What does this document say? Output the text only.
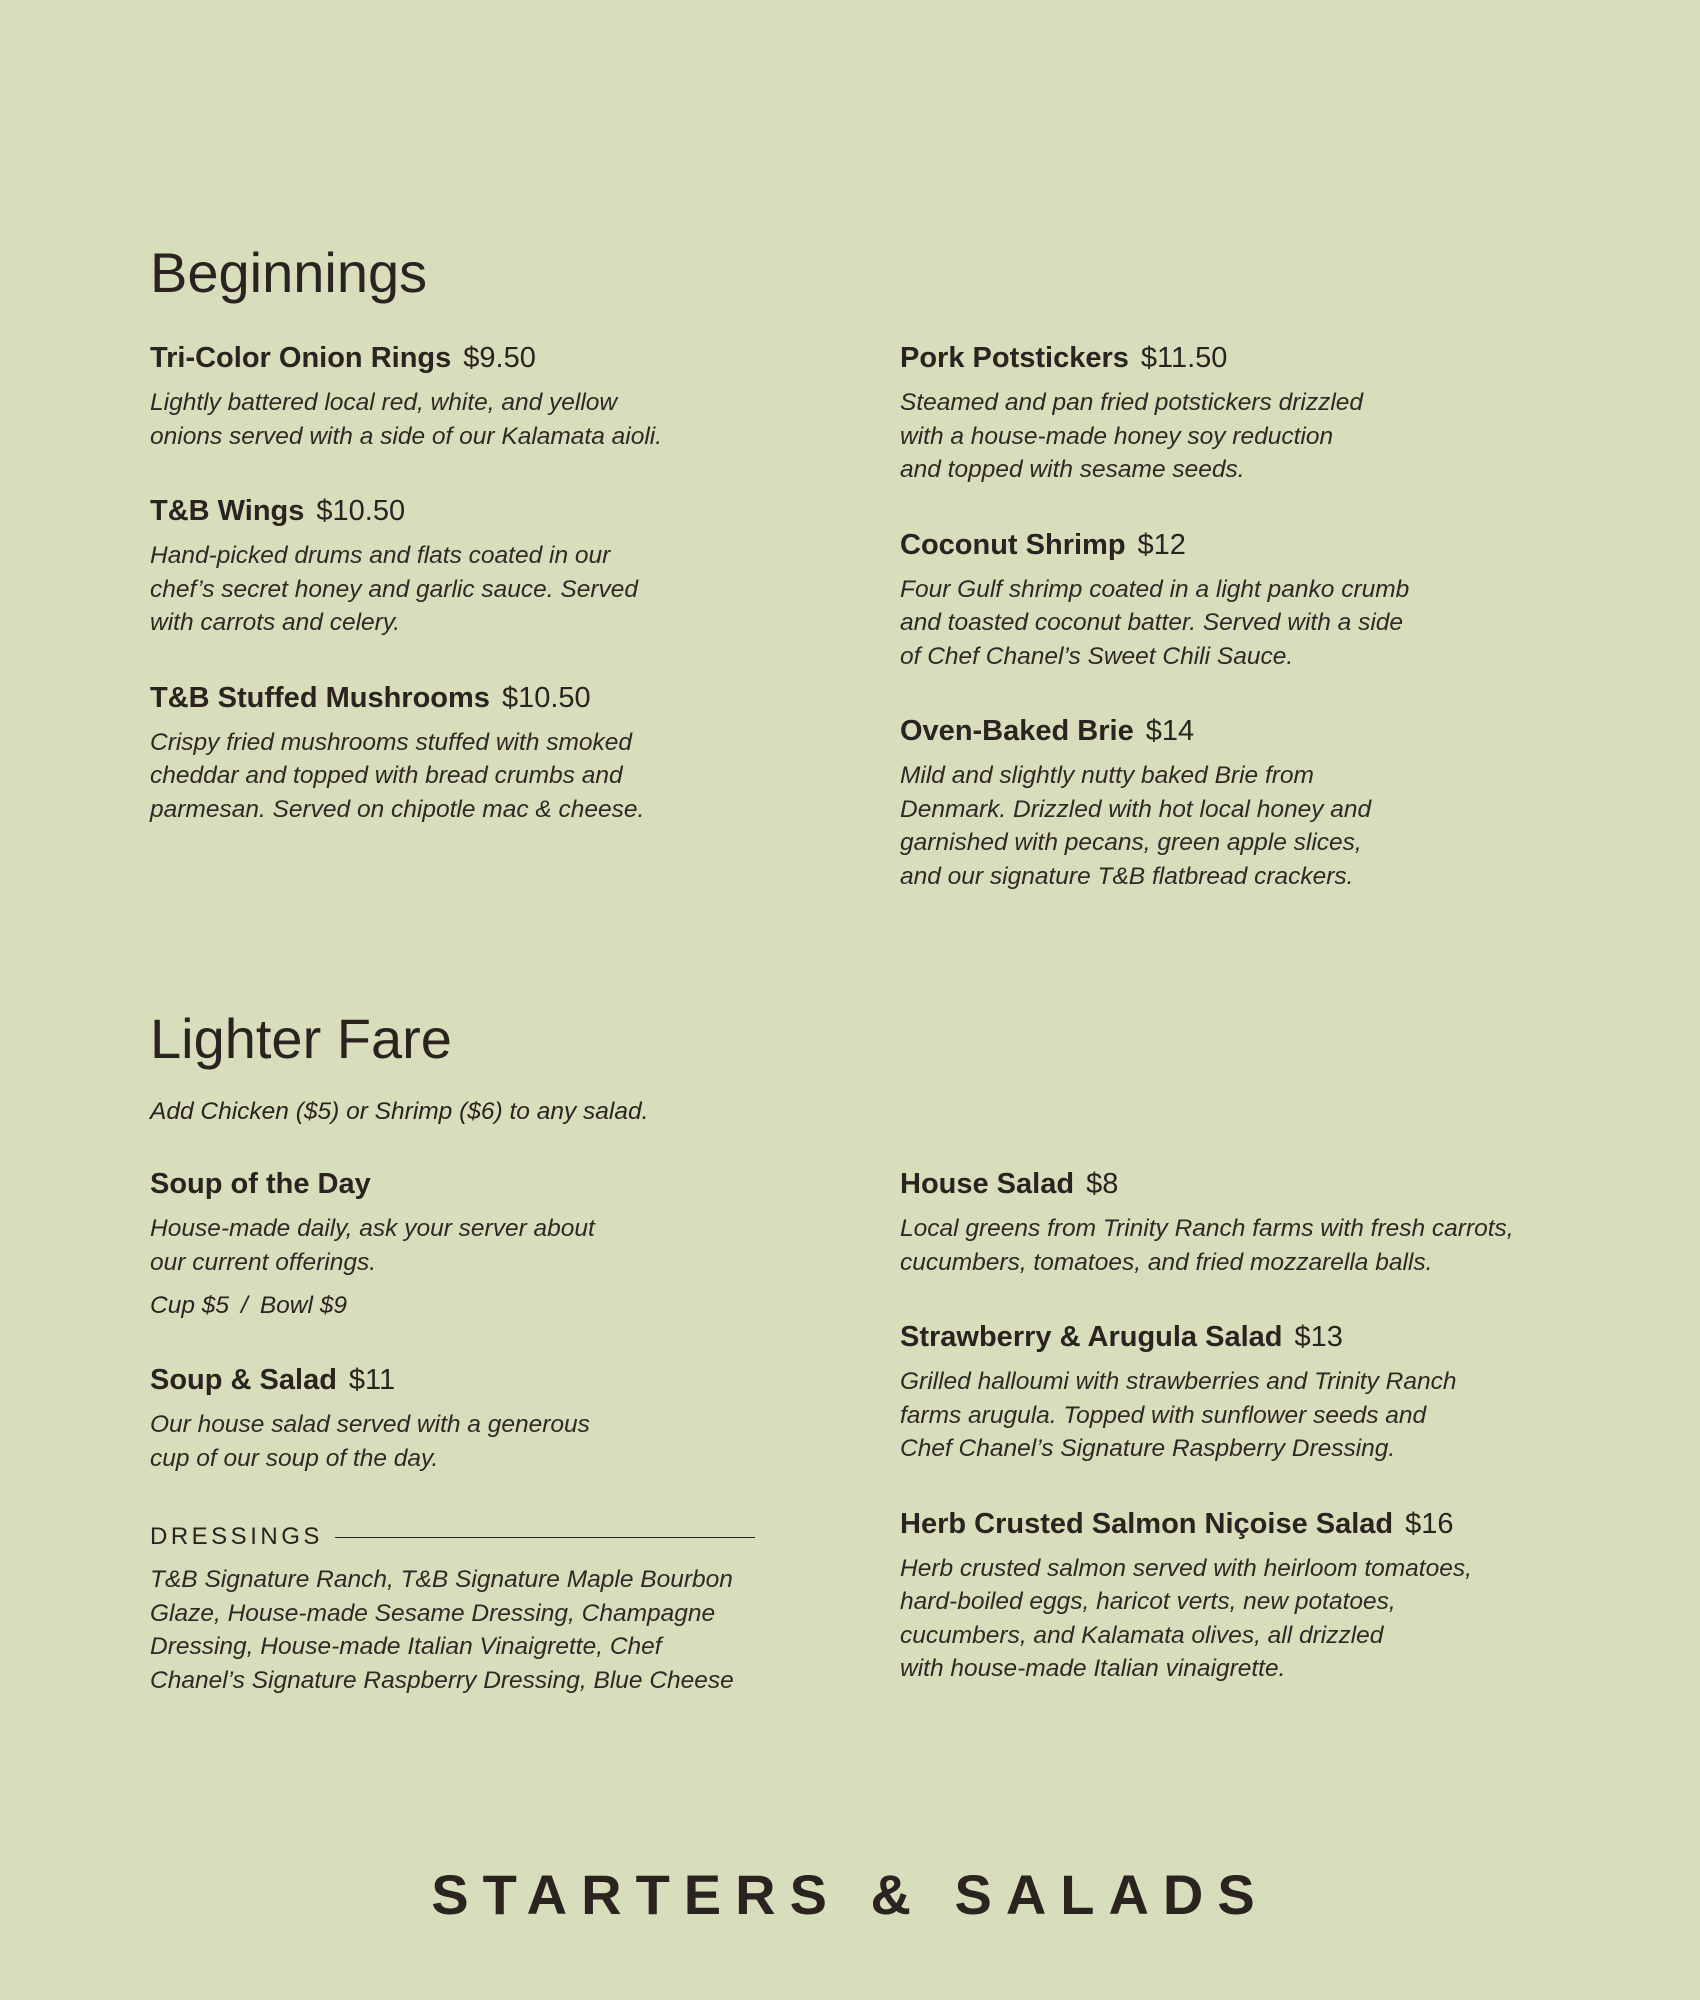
Beginnings
Tri-Color Onion Rings $9.50

Lightly battered local red, white, and yellow
onions served with a side of our Kalamata aioli.

T&B Wings $10.50

Hand-picked drums and flats coated in our
chef’s secret honey and garlic sauce. Served
with carrots and celery.

T&B Stuffed Mushrooms $10.50

Crispy fried mushrooms stuffed with smoked
cheddar and topped with bread crumbs and
parmesan. Served on chipotle mac & cheese.

Pork Potstickers $11.50

Steamed and pan fried potstickers drizzled
with a house-made honey soy reduction
and topped with sesame seeds.

Coconut Shrimp $12

Four Gulf shrimp coated in a light panko crumb
and toasted coconut batter. Served with a side
of Chef Chanel’s Sweet Chili Sauce.

Oven-Baked Brie $14

Mild and slightly nutty baked Brie from
Denmark. Drizzled with hot local honey and
garnished with pecans, green apple slices,
and our signature T&B flatbread crackers.

Lighter Fare
Add Chicken ($5) or Shrimp ($6) to any salad.
Soup of the Day

House-made daily, ask your server about
our current offerings.

Cup $5 / Bowl $9
Soup & Salad $11

Our house salad served with a generous
cup of our soup of the day.

DRESSINGS

T&B Signature Ranch, T&B Signature Maple Bourbon
Glaze, House-made Sesame Dressing, Champagne
Dressing, House-made Italian Vinaigrette, Chef
Chanel’s Signature Raspberry Dressing, Blue Cheese

House Salad $8

Local greens from Trinity Ranch farms with fresh carrots,
cucumbers, tomatoes, and fried mozzarella balls.

Strawberry & Arugula Salad $13

Grilled halloumi with strawberries and Trinity Ranch
farms arugula. Topped with sunflower seeds and
Chef Chanel’s Signature Raspberry Dressing.

Herb Crusted Salmon Niçoise Salad $16

Herb crusted salmon served with heirloom tomatoes,
hard-boiled eggs, haricot verts, new potatoes,
cucumbers, and Kalamata olives, all drizzled
with house-made Italian vinaigrette.

STARTERS & SALADS
